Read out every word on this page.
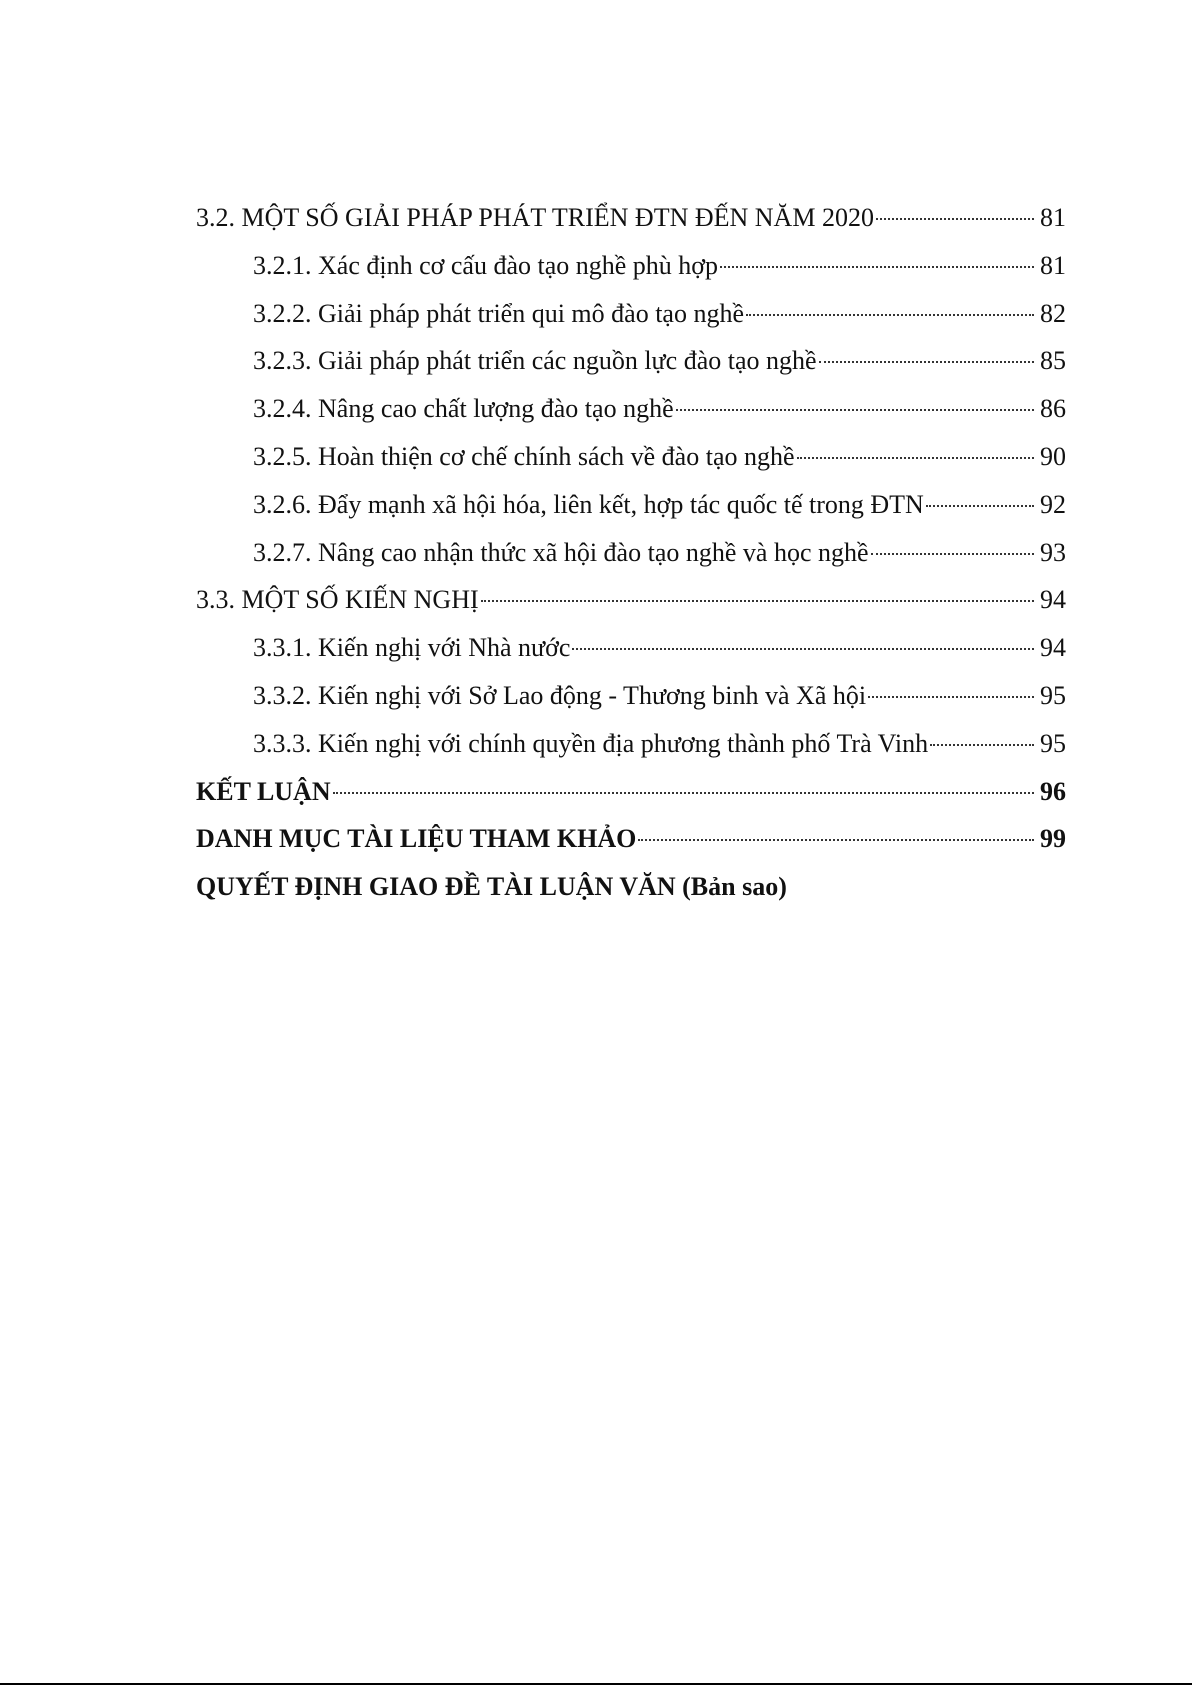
3.2. MỘT SỐ GIẢI PHÁP PHÁT TRIỂN ĐTN ĐẾN NĂM 2020	81
3.2.1. Xác định cơ cấu đào tạo nghề phù hợp	81
3.2.2. Giải pháp phát triển qui mô đào tạo nghề	82
3.2.3. Giải pháp phát triển các nguồn lực đào tạo nghề	85
3.2.4. Nâng cao chất lượng đào tạo nghề	86
3.2.5. Hoàn thiện cơ chế chính sách về đào tạo nghề	90
3.2.6. Đẩy mạnh xã hội hóa, liên kết, hợp tác quốc tế trong ĐTN	92
3.2.7. Nâng cao nhận thức xã hội đào tạo nghề và học nghề	93
3.3. MỘT SỐ KIẾN NGHỊ	94
3.3.1. Kiến nghị với Nhà nước	94
3.3.2. Kiến nghị với Sở Lao động - Thương binh và Xã hội	95
3.3.3. Kiến nghị với chính quyền địa phương thành phố Trà Vinh	95
KẾT LUẬN	96
DANH MỤC TÀI LIỆU THAM KHẢO	99
QUYẾT ĐỊNH GIAO ĐỀ TÀI LUẬN VĂN (Bản sao)
